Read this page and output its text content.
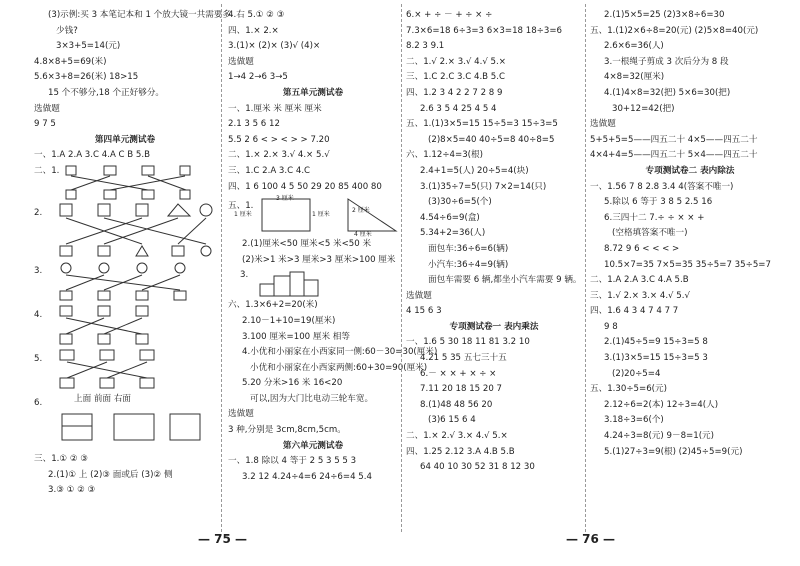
(3)示例:买 3 本笔记本和 1 个放大镜一共需要多
少钱?
3×3+5=14(元)
4.8×8+5=69(米)
5.6×3+8=26(米) 18>15
15 个不够分,18 个正好够分。
选做题
9 7 5
第四单元测试卷
一、1.A 2.A 3.C 4.A C B 5.B
二、1.
2.
3.
4.
5.
6.	上面 前面 右面
三、1.① ② ③
2.(1)① 上 (2)③ 面或后 (3)② 侧
3.③ ① ② ③
4.右 5.① ② ③
四、1.× 2.×
3.(1)× (2)× (3)√ (4)×
选做题
1→4 2→6 3→5
第五单元测试卷
一、1.厘米 米 厘米 厘米
2.1 3 5 6 12
5.5 2 6 < > < > > 7.20
二、1.× 2.× 3.√ 4.× 5.√
三、1.C 2.A 3.C 4.C
四、1 6 100 4 5 50 29 20 85 400 80
五、1.
3 厘米
1 厘米	1 厘米
2 厘米
4 厘米
2.(1)厘米<50 厘米<5 米<50 米
(2)米>1 米>3 厘米>3 厘米>100 厘米
3.
六、1.3×6+2=20(米)
2.10－1+10=19(厘米)
3.100 厘米=100 厘米 相等
4.小优和小丽家在小西家同一侧:60－30=30(厘米)
小优和小丽家在小西家两侧:60+30=90(厘米)
5.20 分米>16 米 16<20
可以,因为大门比电动三轮车宽。
选做题
3 种,分别是 3cm,8cm,5cm。
第六单元测试卷
一、1.8 除以 4 等于 2 5 3 5 5 3
3.2 12 4.24÷4=6 24÷6=4 5.4
6.× + ÷ － + ÷ × ÷
7.3×6=18 6÷3=3 6×3=18 18÷3=6
8.2 3 9.1
二、1.√ 2.× 3.√ 4.√ 5.×
三、1.C 2.C 3.C 4.B 5.C
四、1.2 3 4 2 2 7 2 8 9
2.6 3 5 4 25 4 5 4
五、1.(1)3×5=15 15÷5=3 15÷3=5
(2)8×5=40 40÷5=8 40÷8=5
六、1.12÷4=3(根)
2.4+1=5(人) 20÷5=4(块)
3.(1)35÷7=5(只) 7×2=14(只)
(3)30÷6=5(个)
4.54÷6=9(盒)
5.34+2=36(人)
面包车:36÷6=6(辆)
小汽车:36÷4=9(辆)
面包车需要 6 辆,都坐小汽车需要 9 辆。
选做题
4 15 6 3
专项测试卷一 表内乘法
一、1.6 5 30 18 11 81 3.2 10
4.21 5 35 五七三十五
6.－ × × + × ÷ ×
7.11 20 18 15 20 7
8.(1)48 48 56 20
(3)6 15 6 4
二、1.× 2.√ 3.× 4.√ 5.×
四、1.25 2.12 3.A 4.B 5.B
64 40 10 30 52 31 8 12 30
2.(1)5×5=25 (2)3×8÷6=30
五、1.(1)2×6÷8=20(元) (2)5×8=40(元)
2.6×6=36(人)
3.一根绳子剪成 3 次后分为 8 段
4×8=32(厘米)
4.(1)4×8=32(把) 5×6=30(把)
30+12=42(把)
选做题
5+5+5=5——四五二十 4×5——四五二十
4×4+4=5——四五二十 5×4——四五二十
专项测试卷二 表内除法
一、1.56 7 8 2.8 3.4 4(答案不唯一)
5.除以 6 等于 3 8 5 2.5 16
6.三四十二 7.÷ ÷ × × +
(空格填答案不唯一)
8.72 9 6 < < < >
10.5×7=35 7×5=35 35÷5=7 35÷5=7
二、1.A 2.A 3.C 4.A 5.B
三、1.√ 2.× 3.× 4.√ 5.√
四、1.6 4 3 4 7 4 7 7
9 8
2.(1)45÷5=9 15÷3=5 8
3.(1)3×5=15 15÷3=5 3
(2)20÷5=4
五、1.30÷5=6(元)
2.12÷6=2(本) 12÷3=4(人)
3.18÷3=6(个)
4.24÷3=8(元) 9－8=1(元)
5.(1)27÷3=9(根) (2)45÷5=9(元)
— 75 —	— 76 —
